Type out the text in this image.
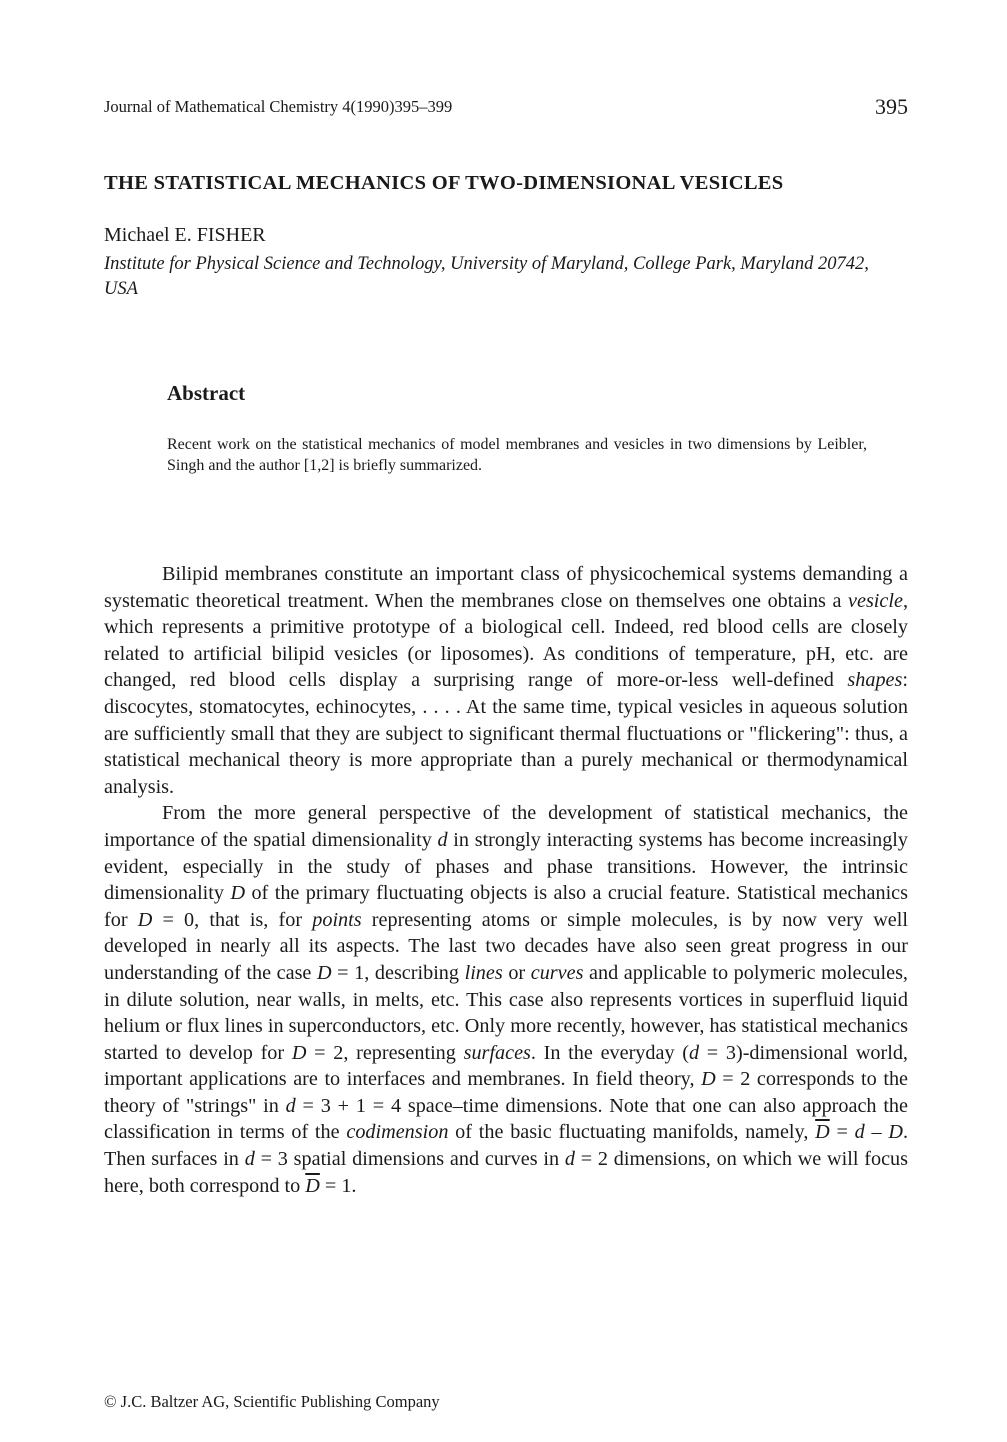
Journal of Mathematical Chemistry 4(1990)395–399	395
THE STATISTICAL MECHANICS OF TWO-DIMENSIONAL VESICLES
Michael E. FISHER
Institute for Physical Science and Technology, University of Maryland, College Park, Maryland 20742, USA
Abstract
Recent work on the statistical mechanics of model membranes and vesicles in two dimensions by Leibler, Singh and the author [1,2] is briefly summarized.

Bilipid membranes constitute an important class of physicochemical systems demanding a systematic theoretical treatment. When the membranes close on themselves one obtains a vesicle, which represents a primitive prototype of a biological cell. Indeed, red blood cells are closely related to artificial bilipid vesicles (or liposomes). As conditions of temperature, pH, etc. are changed, red blood cells display a surprising range of more-or-less well-defined shapes: discocytes, stomatocytes, echinocytes, . . . . At the same time, typical vesicles in aqueous solution are sufficiently small that they are subject to significant thermal fluctuations or "flickering": thus, a statistical mechanical theory is more appropriate than a purely mechanical or thermodynamical analysis.

From the more general perspective of the development of statistical mechanics, the importance of the spatial dimensionality d in strongly interacting systems has become increasingly evident, especially in the study of phases and phase transitions. However, the intrinsic dimensionality D of the primary fluctuating objects is also a crucial feature. Statistical mechanics for D = 0, that is, for points representing atoms or simple molecules, is by now very well developed in nearly all its aspects. The last two decades have also seen great progress in our understanding of the case D = 1, describing lines or curves and applicable to polymeric molecules, in dilute solution, near walls, in melts, etc. This case also represents vortices in superfluid liquid helium or flux lines in superconductors, etc. Only more recently, however, has statistical mechanics started to develop for D = 2, representing surfaces. In the everyday (d = 3)-dimensional world, important applications are to interfaces and membranes. In field theory, D = 2 corresponds to the theory of "strings" in d = 3 + 1 = 4 space–time dimensions. Note that one can also approach the classification in terms of the codimension of the basic fluctuating manifolds, namely, $\overline{D} = d - D$. Then surfaces in d = 3 spatial dimensions and curves in d = 2 dimensions, on which we will focus here, both correspond to $\overline{D} = 1$.

© J.C. Baltzer AG, Scientific Publishing Company
